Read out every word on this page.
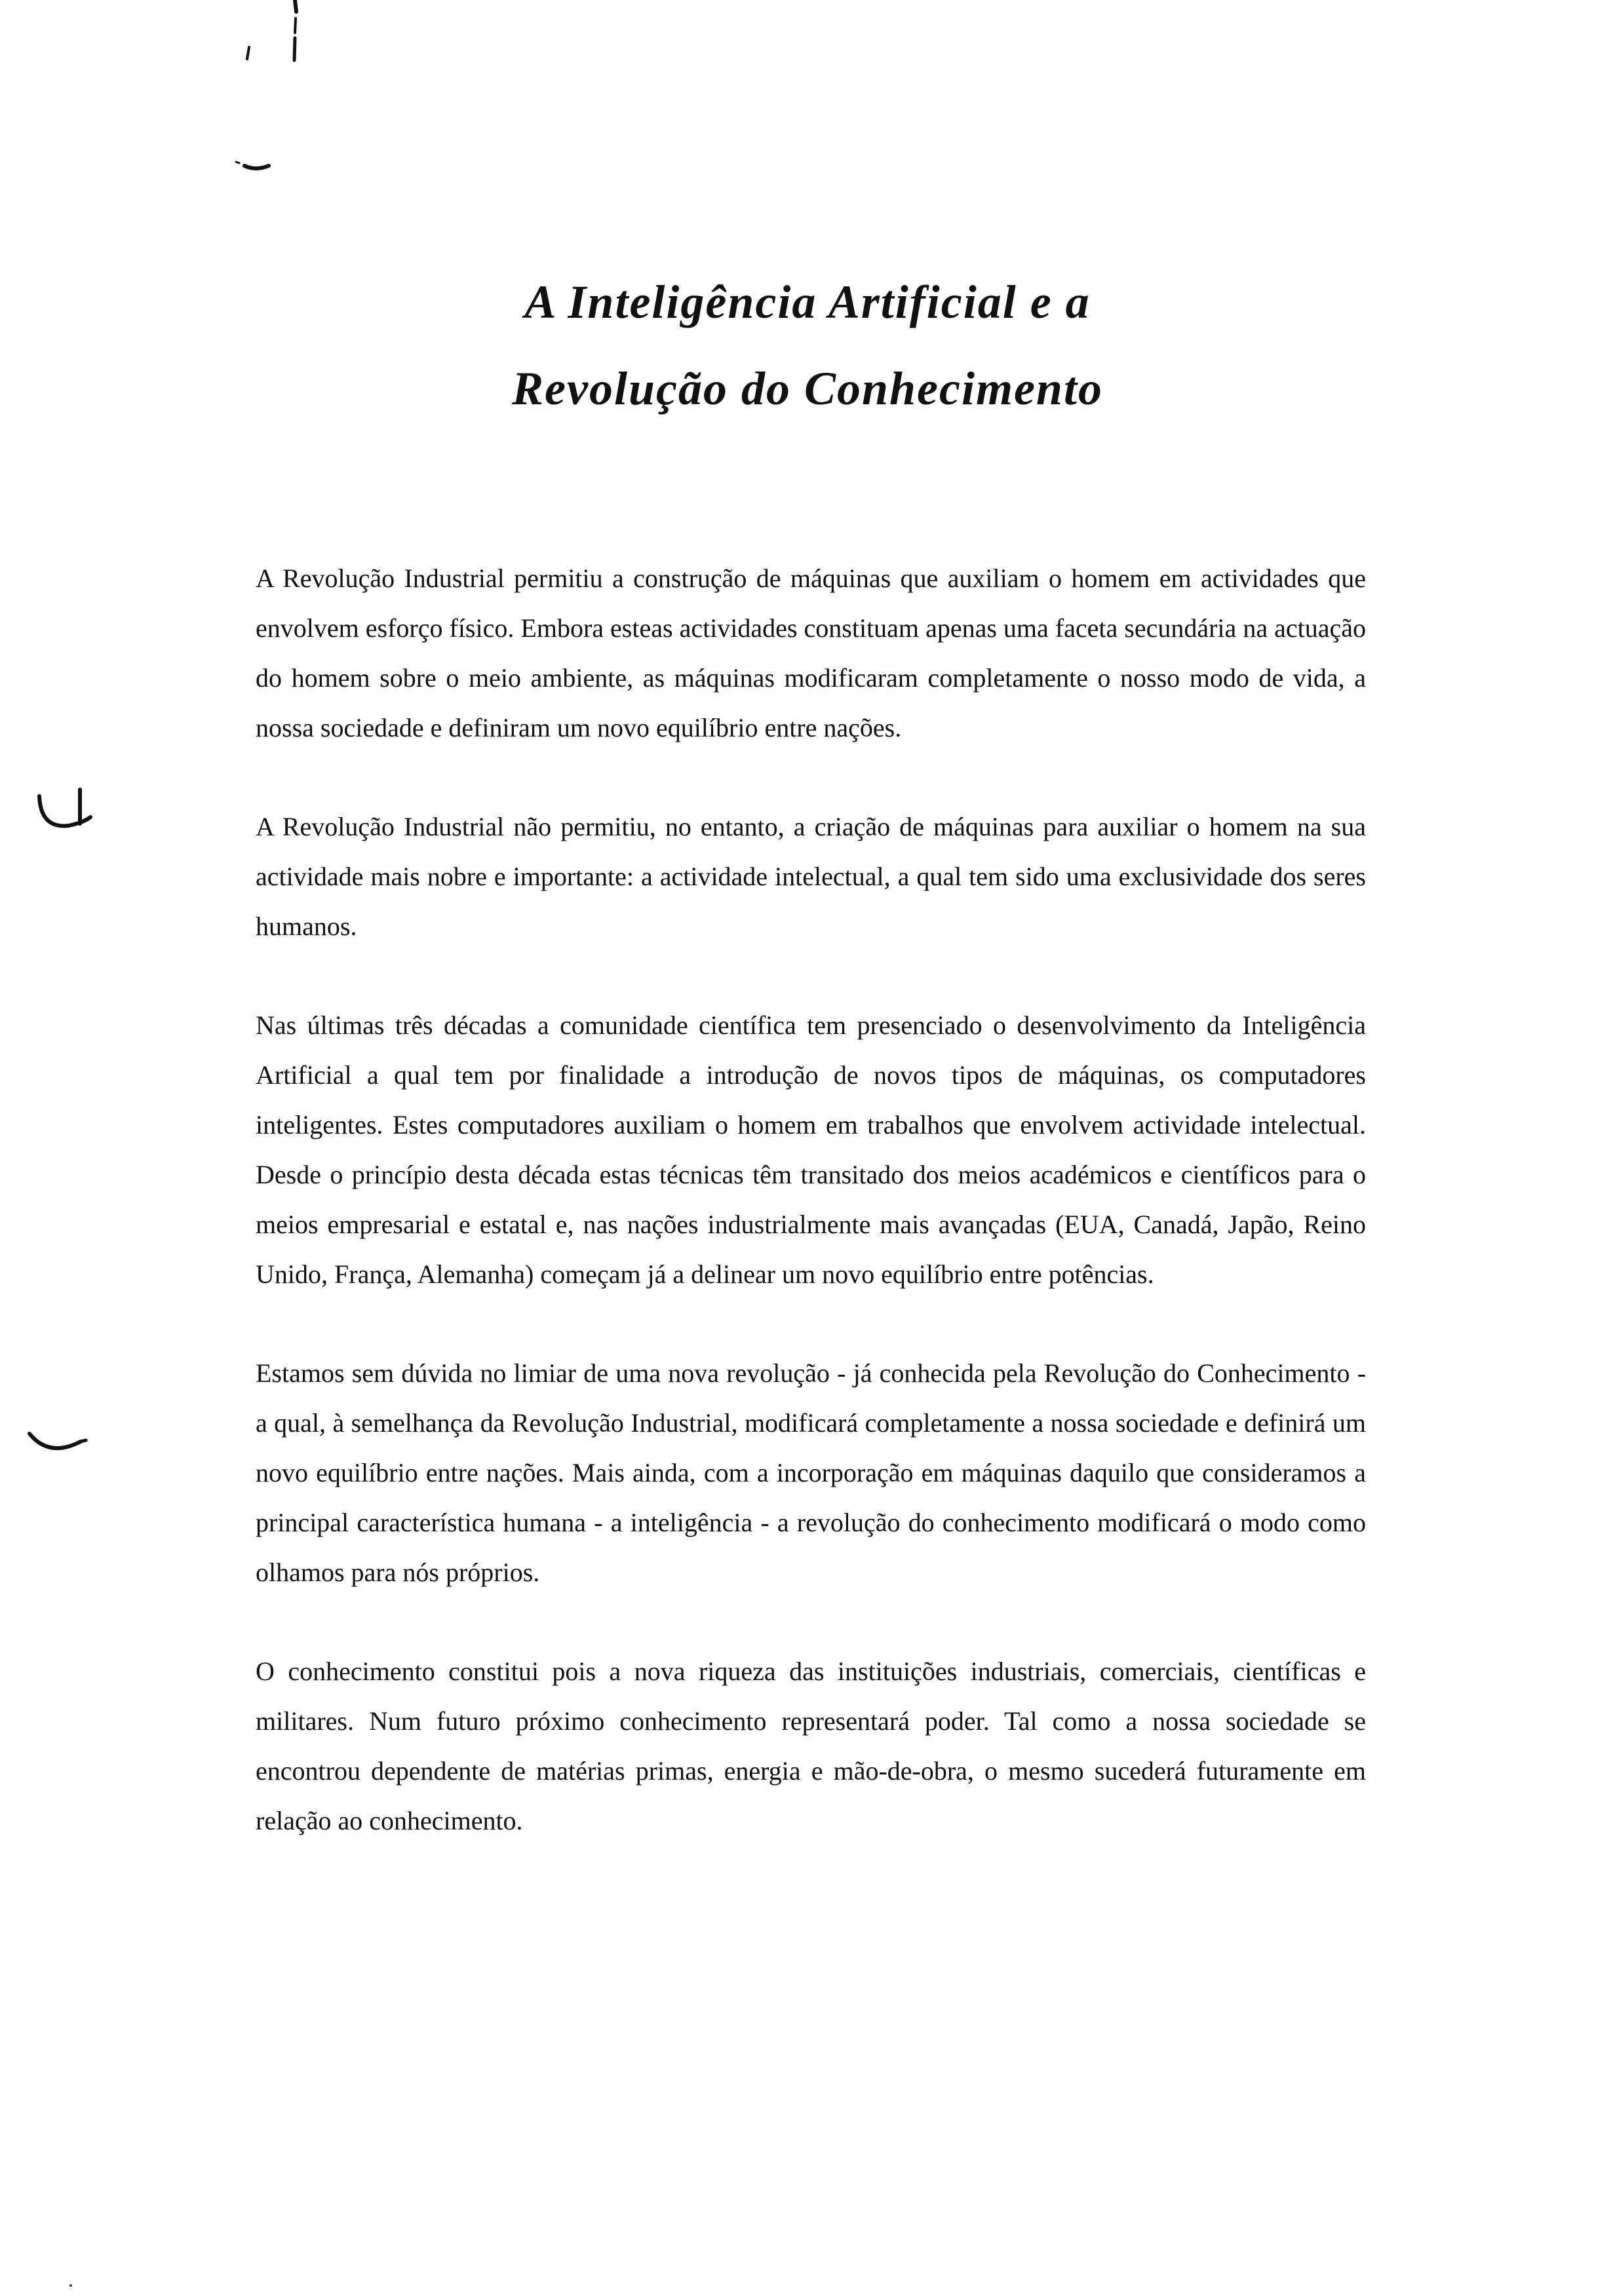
A Inteligência Artificial e a
Revolução do Conhecimento

A Revolução Industrial permitiu a construção de máquinas que auxiliam o homem em actividades que envolvem esforço físico. Embora esteas actividades constituam apenas uma faceta secundária na actuação do homem sobre o meio ambiente, as máquinas modificaram completamente o nosso modo de vida, a nossa sociedade e definiram um novo equilíbrio entre nações.

A Revolução Industrial não permitiu, no entanto, a criação de máquinas para auxiliar o homem na sua actividade mais nobre e importante: a actividade intelectual, a qual tem sido uma exclusividade dos seres humanos.

Nas últimas três décadas a comunidade científica tem presenciado o desenvolvimento da Inteligência Artificial a qual tem por finalidade a introdução de novos tipos de máquinas, os computadores inteligentes. Estes computadores auxiliam o homem em trabalhos que envolvem actividade intelectual. Desde o princípio desta década estas técnicas têm transitado dos meios académicos e científicos para o meios empresarial e estatal e, nas nações industrialmente mais avançadas (EUA, Canadá, Japão, Reino Unido, França, Alemanha) começam já a delinear um novo equilíbrio entre potências.

Estamos sem dúvida no limiar de uma nova revolução - já conhecida pela Revolução do Conhecimento - a qual, à semelhança da Revolução Industrial, modificará completamente a nossa sociedade e definirá um novo equilíbrio entre nações. Mais ainda, com a incorporação em máquinas daquilo que consideramos a principal característica humana - a inteligência - a revolução do conhecimento modificará o modo como olhamos para nós próprios.

O conhecimento constitui pois a nova riqueza das instituições industriais, comerciais, científicas e militares. Num futuro próximo conhecimento representará poder. Tal como a nossa sociedade se encontrou dependente de matérias primas, energia e mão-de-obra, o mesmo sucederá futuramente em relação ao conhecimento.
